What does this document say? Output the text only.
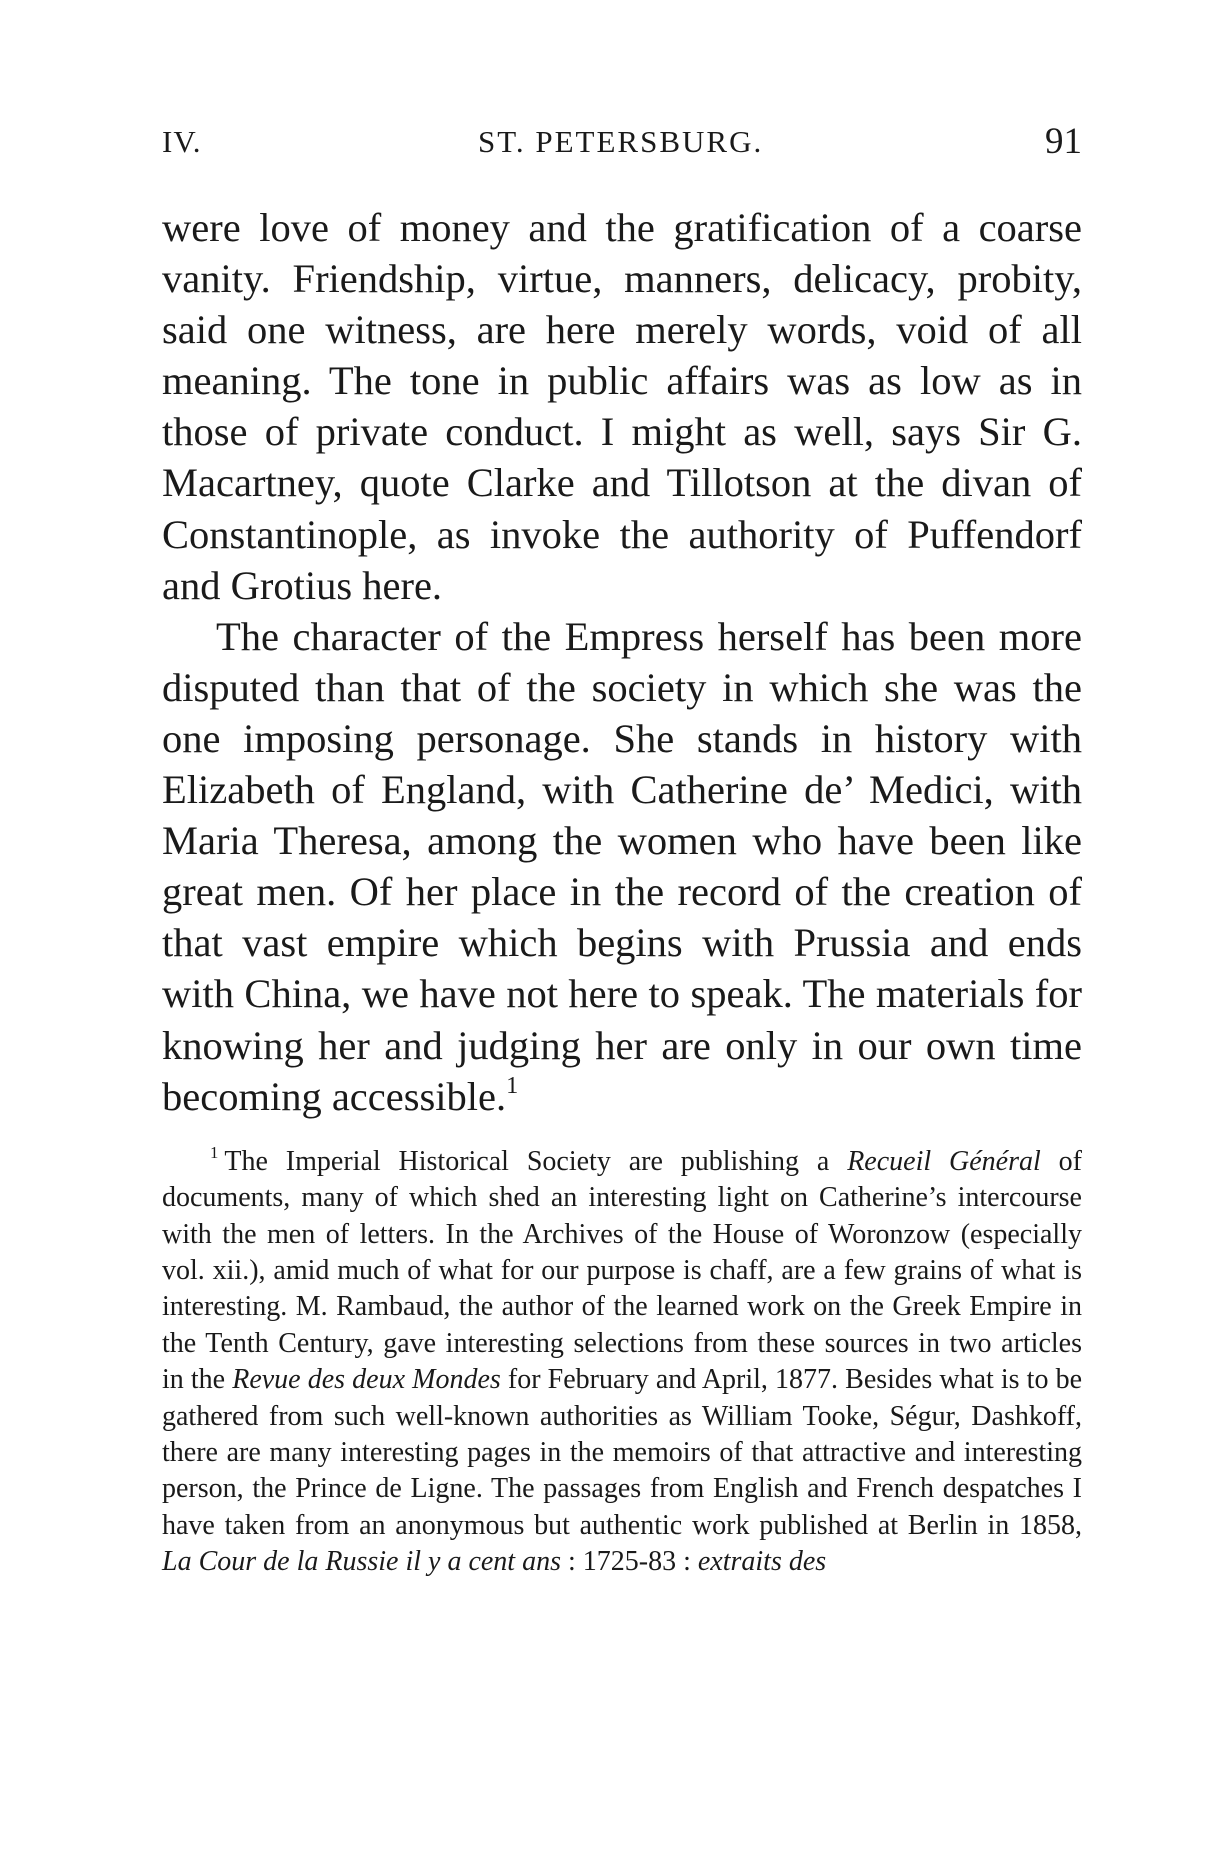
IV.	ST. PETERSBURG.	91

were love of money and the gratification of a coarse vanity. Friendship, virtue, manners, delicacy, probity, said one witness, are here merely words, void of all meaning. The tone in public affairs was as low as in those of private conduct. I might as well, says Sir G. Macartney, quote Clarke and Tillotson at the divan of Constantinople, as invoke the authority of Puffendorf and Grotius here.

The character of the Empress herself has been more disputed than that of the society in which she was the one imposing personage. She stands in history with Elizabeth of England, with Catherine de’ Medici, with Maria Theresa, among the women who have been like great men. Of her place in the record of the creation of that vast empire which begins with Prussia and ends with China, we have not here to speak. The materials for knowing her and judging her are only in our own time becoming accessible.$^1$

$^1$ The Imperial Historical Society are publishing a Recueil Général of documents, many of which shed an interesting light on Catherine’s intercourse with the men of letters. In the Archives of the House of Woronzow (especially vol. xii.), amid much of what for our purpose is chaff, are a few grains of what is interesting. M. Rambaud, the author of the learned work on the Greek Empire in the Tenth Century, gave interesting selections from these sources in two articles in the Revue des deux Mondes for February and April, 1877. Besides what is to be gathered from such well-known authorities as William Tooke, Ségur, Dashkoff, there are many interesting pages in the memoirs of that attractive and interesting person, the Prince de Ligne. The passages from English and French despatches I have taken from an anonymous but authentic work published at Berlin in 1858, La Cour de la Russie il y a cent ans : 1725-83 : extraits des
